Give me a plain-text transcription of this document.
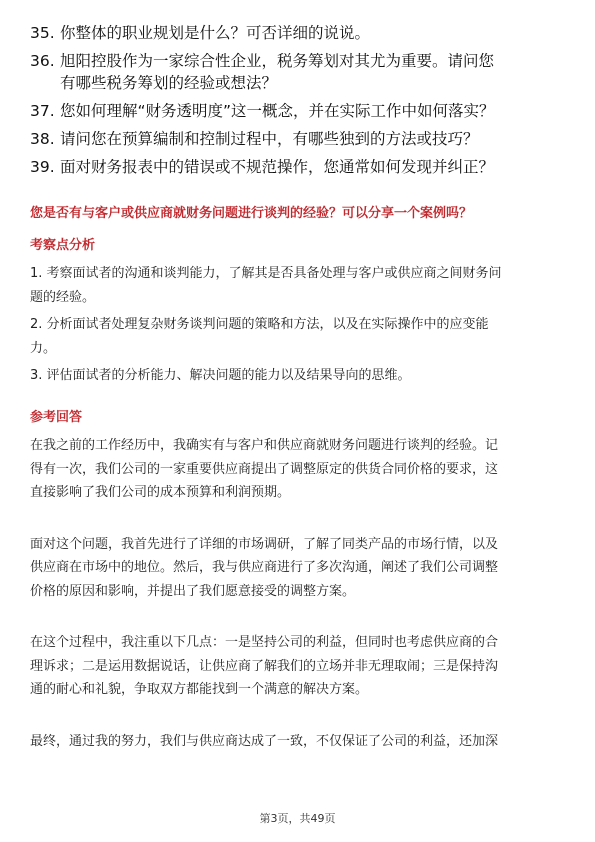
35. 你整体的职业规划是什么？可否详细的说说。
36. 旭阳控股作为一家综合性企业，税务筹划对其尤为重要。请问您
有哪些税务筹划的经验或想法？
37. 您如何理解“财务透明度”这一概念，并在实际工作中如何落实？
38. 请问您在预算编制和控制过程中，有哪些独到的方法或技巧？
39. 面对财务报表中的错误或不规范操作，您通常如何发现并纠正？
您是否有与客户或供应商就财务问题进行谈判的经验？可以分享一个案例吗？
考察点分析

1. 考察面试者的沟通和谈判能力，了解其是否具备处理与客户或供应商之间财务问
题的经验。

2. 分析面试者处理复杂财务谈判问题的策略和方法，以及在实际操作中的应变能
力。

3. 评估面试者的分析能力、解决问题的能力以及结果导向的思维。

参考回答

在我之前的工作经历中，我确实有与客户和供应商就财务问题进行谈判的经验。记
得有一次，我们公司的一家重要供应商提出了调整原定的供货合同价格的要求，这
直接影响了我们公司的成本预算和利润预期。

面对这个问题，我首先进行了详细的市场调研，了解了同类产品的市场行情，以及
供应商在市场中的地位。然后，我与供应商进行了多次沟通，阐述了我们公司调整
价格的原因和影响，并提出了我们愿意接受的调整方案。

在这个过程中，我注重以下几点：一是坚持公司的利益，但同时也考虑供应商的合
理诉求；二是运用数据说话，让供应商了解我们的立场并非无理取闹；三是保持沟
通的耐心和礼貌，争取双方都能找到一个满意的解决方案。

最终，通过我的努力，我们与供应商达成了一致，不仅保证了公司的利益，还加深

第3页，共49页
